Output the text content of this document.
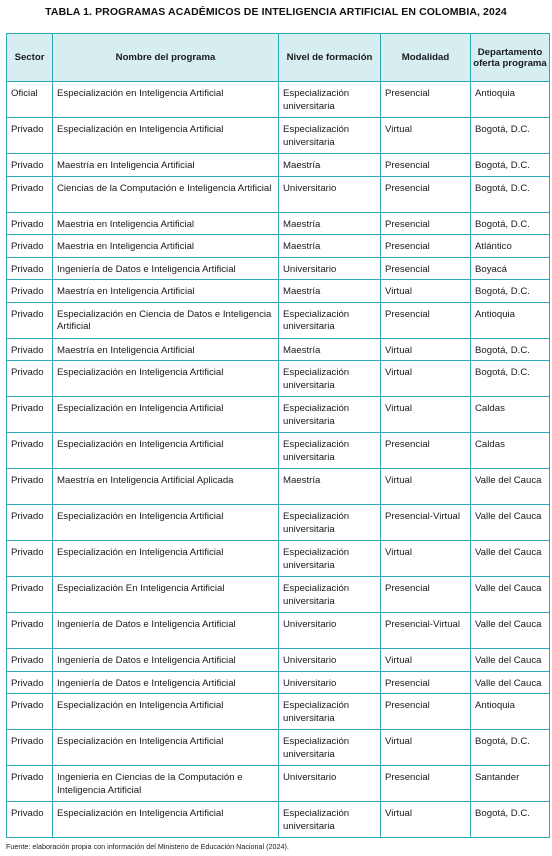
TABLA 1. PROGRAMAS ACADÉMICOS DE INTELIGENCIA ARTIFICIAL EN COLOMBIA, 2024
Sector	Nombre del programa	Nivel de formación	Modalidad	Departamento oferta programa
Oficial	Especialización en Inteligencia Artificial	Especialización universitaria	Presencial	Antioquia
Privado	Especialización en Inteligencia Artificial	Especialización universitaria	Virtual	Bogotá, D.C.
Privado	Maestría en Inteligencia Artificial	Maestría	Presencial	Bogotá, D.C.
Privado	Ciencias de la Computación e Inteligencia Artificial	Universitario	Presencial	Bogotá, D.C.
Privado	Maestria en Inteligencia Artificial	Maestría	Presencial	Bogotá, D.C.
Privado	Maestria en Inteligencia Artificial	Maestría	Presencial	Atlántico
Privado	Ingeniería de Datos e Inteligencia Artificial	Universitario	Presencial	Boyacá
Privado	Maestría en Inteligencia Artificial	Maestría	Virtual	Bogotá, D.C.
Privado	Especialización en Ciencia de Datos e Inteligencia Artificial	Especialización universitaria	Presencial	Antioquia
Privado	Maestría en Inteligencia Artificial	Maestría	Virtual	Bogotá, D.C.
Privado	Especialización en Inteligencia Artificial	Especialización universitaria	Virtual	Bogotá, D.C.
Privado	Especialización en Inteligencia Artificial	Especialización universitaria	Virtual	Caldas
Privado	Especialización en Inteligencia Artificial	Especialización universitaria	Presencial	Caldas
Privado	Maestría en Inteligencia Artificial Aplicada	Maestría	Virtual	Valle del Cauca
Privado	Especialización en Inteligencia Artificial	Especialización universitaria	Presencial-Virtual	Valle del Cauca
Privado	Especialización en Inteligencia Artificial	Especialización universitaria	Virtual	Valle del Cauca
Privado	Especialización En Inteligencia Artificial	Especialización universitaria	Presencial	Valle del Cauca
Privado	Ingeniería de Datos e Inteligencia Artificial	Universitario	Presencial-Virtual	Valle del Cauca
Privado	Ingeniería de Datos e Inteligencia Artificial	Universitario	Virtual	Valle del Cauca
Privado	Ingeniería de Datos e Inteligencia Artificial	Universitario	Presencial	Valle del Cauca
Privado	Especialización en Inteligencia Artificial	Especialización universitaria	Presencial	Antioquia
Privado	Especialización en Inteligencia Artificial	Especialización universitaria	Virtual	Bogotá, D.C.
Privado	Ingenieria en Ciencias de la Computación e Inteligencia Artificial	Universitario	Presencial	Santander
Privado	Especialización en Inteligencia Artificial	Especialización universitaria	Virtual	Bogotá, D.C.
Fuente: elaboración propia con información del Ministerio de Educación Nacional (2024).
